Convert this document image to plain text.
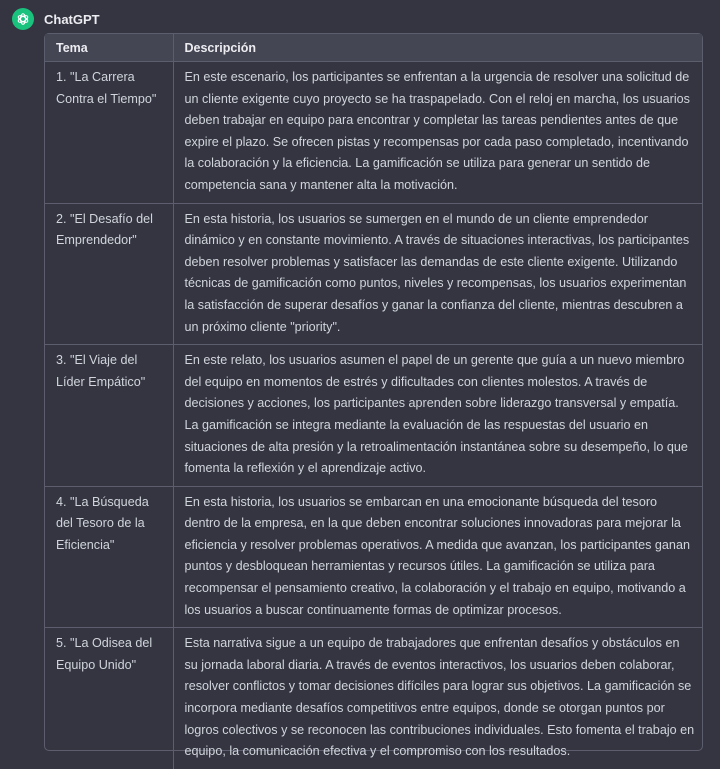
ChatGPT
Tema	Descripción
1. "La Carrera Contra el Tiempo"	En este escenario, los participantes se enfrentan a la urgencia de resolver una solicitud de un cliente exigente cuyo proyecto se ha traspapelado. Con el reloj en marcha, los usuarios deben trabajar en equipo para encontrar y completar las tareas pendientes antes de que expire el plazo. Se ofrecen pistas y recompensas por cada paso completado, incentivando la colaboración y la eficiencia. La gamificación se utiliza para generar un sentido de competencia sana y mantener alta la motivación.
2. "El Desafío del Emprendedor"	En esta historia, los usuarios se sumergen en el mundo de un cliente emprendedor dinámico y en constante movimiento. A través de situaciones interactivas, los participantes deben resolver problemas y satisfacer las demandas de este cliente exigente. Utilizando técnicas de gamificación como puntos, niveles y recompensas, los usuarios experimentan la satisfacción de superar desafíos y ganar la confianza del cliente, mientras descubren a un próximo cliente "priority".
3. "El Viaje del Líder Empático"	En este relato, los usuarios asumen el papel de un gerente que guía a un nuevo miembro del equipo en momentos de estrés y dificultades con clientes molestos. A través de decisiones y acciones, los participantes aprenden sobre liderazgo transversal y empatía. La gamificación se integra mediante la evaluación de las respuestas del usuario en situaciones de alta presión y la retroalimentación instantánea sobre su desempeño, lo que fomenta la reflexión y el aprendizaje activo.
4. "La Búsqueda del Tesoro de la Eficiencia"	En esta historia, los usuarios se embarcan en una emocionante búsqueda del tesoro dentro de la empresa, en la que deben encontrar soluciones innovadoras para mejorar la eficiencia y resolver problemas operativos. A medida que avanzan, los participantes ganan puntos y desbloquean herramientas y recursos útiles. La gamificación se utiliza para recompensar el pensamiento creativo, la colaboración y el trabajo en equipo, motivando a los usuarios a buscar continuamente formas de optimizar procesos.
5. "La Odisea del Equipo Unido"	Esta narrativa sigue a un equipo de trabajadores que enfrentan desafíos y obstáculos en su jornada laboral diaria. A través de eventos interactivos, los usuarios deben colaborar, resolver conflictos y tomar decisiones difíciles para lograr sus objetivos. La gamificación se incorpora mediante desafíos competitivos entre equipos, donde se otorgan puntos por logros colectivos y se reconocen las contribuciones individuales. Esto fomenta el trabajo en equipo, la comunicación efectiva y el compromiso con los resultados.
